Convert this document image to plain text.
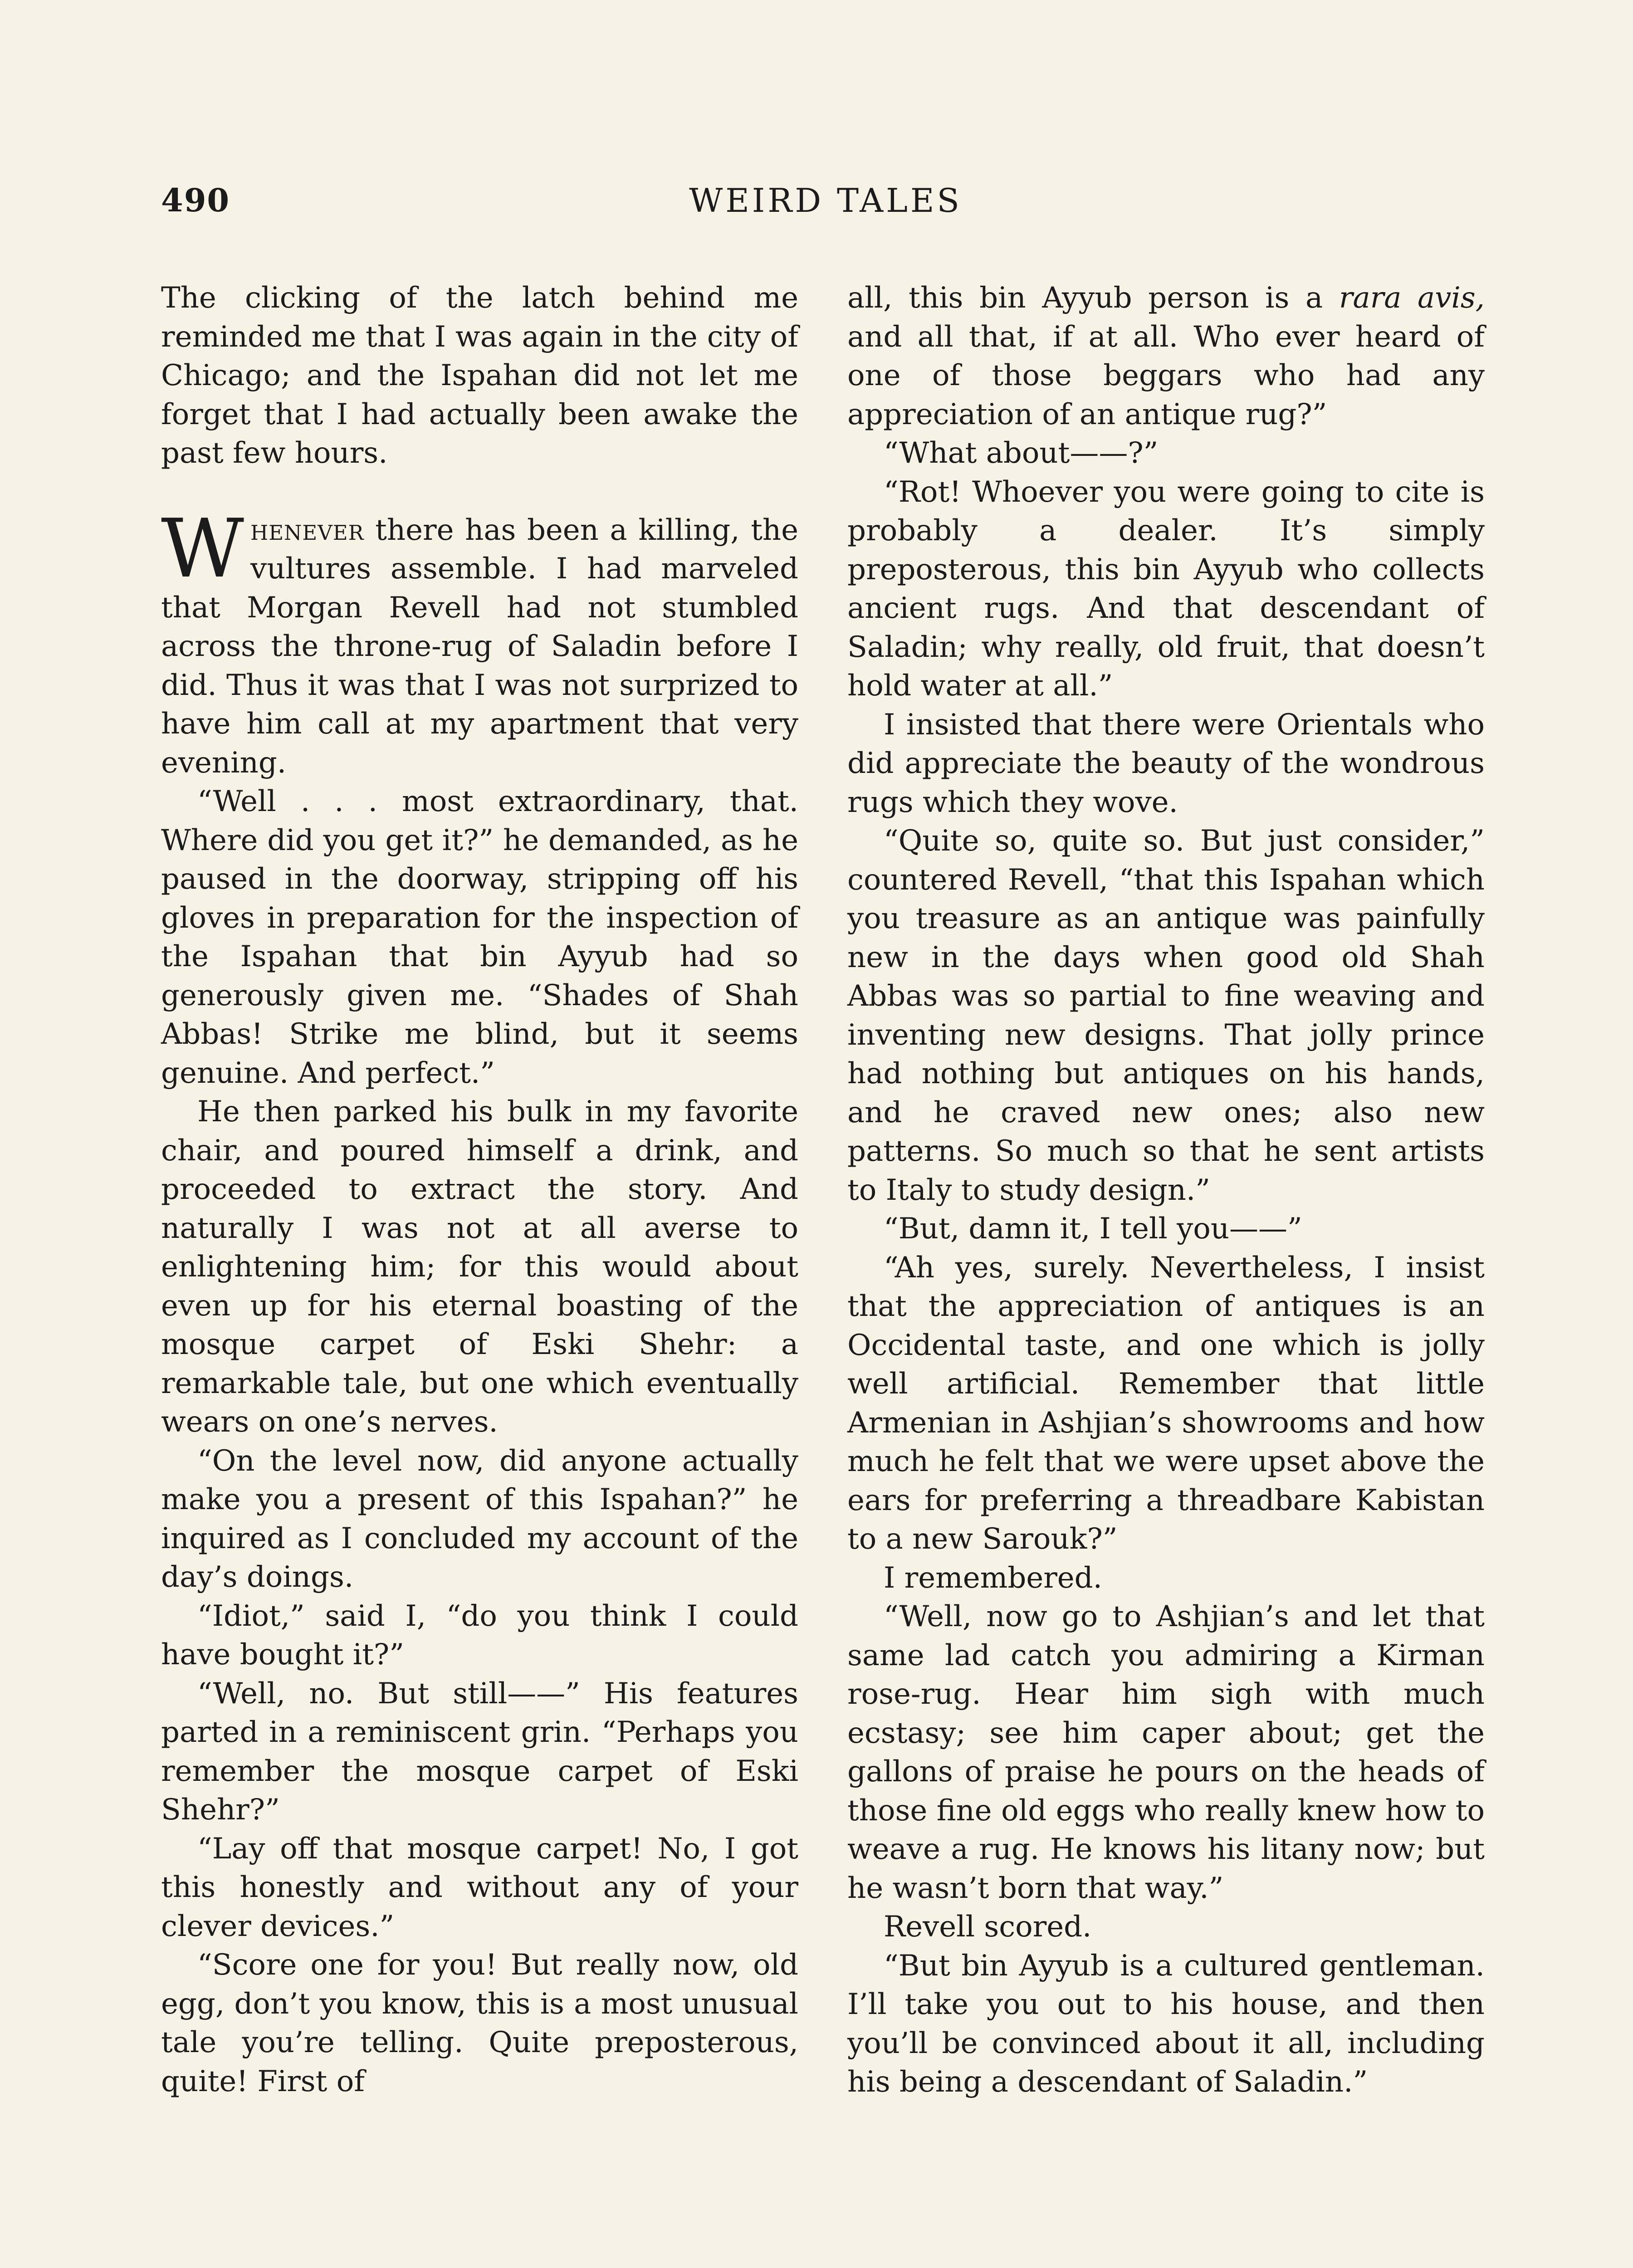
490	WEIRD TALES

The clicking of the latch behind me reminded me that I was again in the city of Chicago; and the Ispahan did not let me forget that I had actually been awake the past few hours.

Whenever there has been a killing, the vultures assemble. I had marveled that Morgan Revell had not stumbled across the throne-rug of Saladin before I did. Thus it was that I was not surprized to have him call at my apartment that very evening.

“Well . . . most extraordinary, that. Where did you get it?” he demanded, as he paused in the doorway, stripping off his gloves in preparation for the inspection of the Ispahan that bin Ayyub had so generously given me. “Shades of Shah Abbas! Strike me blind, but it seems genuine. And perfect.”

He then parked his bulk in my favorite chair, and poured himself a drink, and proceeded to extract the story. And naturally I was not at all averse to enlightening him; for this would about even up for his eternal boasting of the mosque carpet of Eski Shehr: a remarkable tale, but one which eventually wears on one’s nerves.

“On the level now, did anyone actually make you a present of this Ispahan?” he inquired as I concluded my account of the day’s doings.

“Idiot,” said I, “do you think I could have bought it?”

“Well, no. But still——” His features parted in a reminiscent grin. “Perhaps you remember the mosque carpet of Eski Shehr?”

“Lay off that mosque carpet! No, I got this honestly and without any of your clever devices.”

“Score one for you! But really now, old egg, don’t you know, this is a most unusual tale you’re telling. Quite preposterous, quite! First of

all, this bin Ayyub person is a rara avis, and all that, if at all. Who ever heard of one of those beggars who had any appreciation of an antique rug?”

“What about——?”

“Rot! Whoever you were going to cite is probably a dealer. It’s simply preposterous, this bin Ayyub who collects ancient rugs. And that descendant of Saladin; why really, old fruit, that doesn’t hold water at all.”

I insisted that there were Orientals who did appreciate the beauty of the wondrous rugs which they wove.

“Quite so, quite so. But just consider,” countered Revell, “that this Ispahan which you treasure as an antique was painfully new in the days when good old Shah Abbas was so partial to fine weaving and inventing new designs. That jolly prince had nothing but antiques on his hands, and he craved new ones; also new patterns. So much so that he sent artists to Italy to study design.”

“But, damn it, I tell you——”

“Ah yes, surely. Nevertheless, I insist that the appreciation of antiques is an Occidental taste, and one which is jolly well artificial. Remember that little Armenian in Ashjian’s showrooms and how much he felt that we were upset above the ears for preferring a threadbare Kabistan to a new Sarouk?”

I remembered.

“Well, now go to Ashjian’s and let that same lad catch you admiring a Kirman rose-rug. Hear him sigh with much ecstasy; see him caper about; get the gallons of praise he pours on the heads of those fine old eggs who really knew how to weave a rug. He knows his litany now; but he wasn’t born that way.”

Revell scored.

“But bin Ayyub is a cultured gentleman. I’ll take you out to his house, and then you’ll be convinced about it all, including his being a descendant of Saladin.”
